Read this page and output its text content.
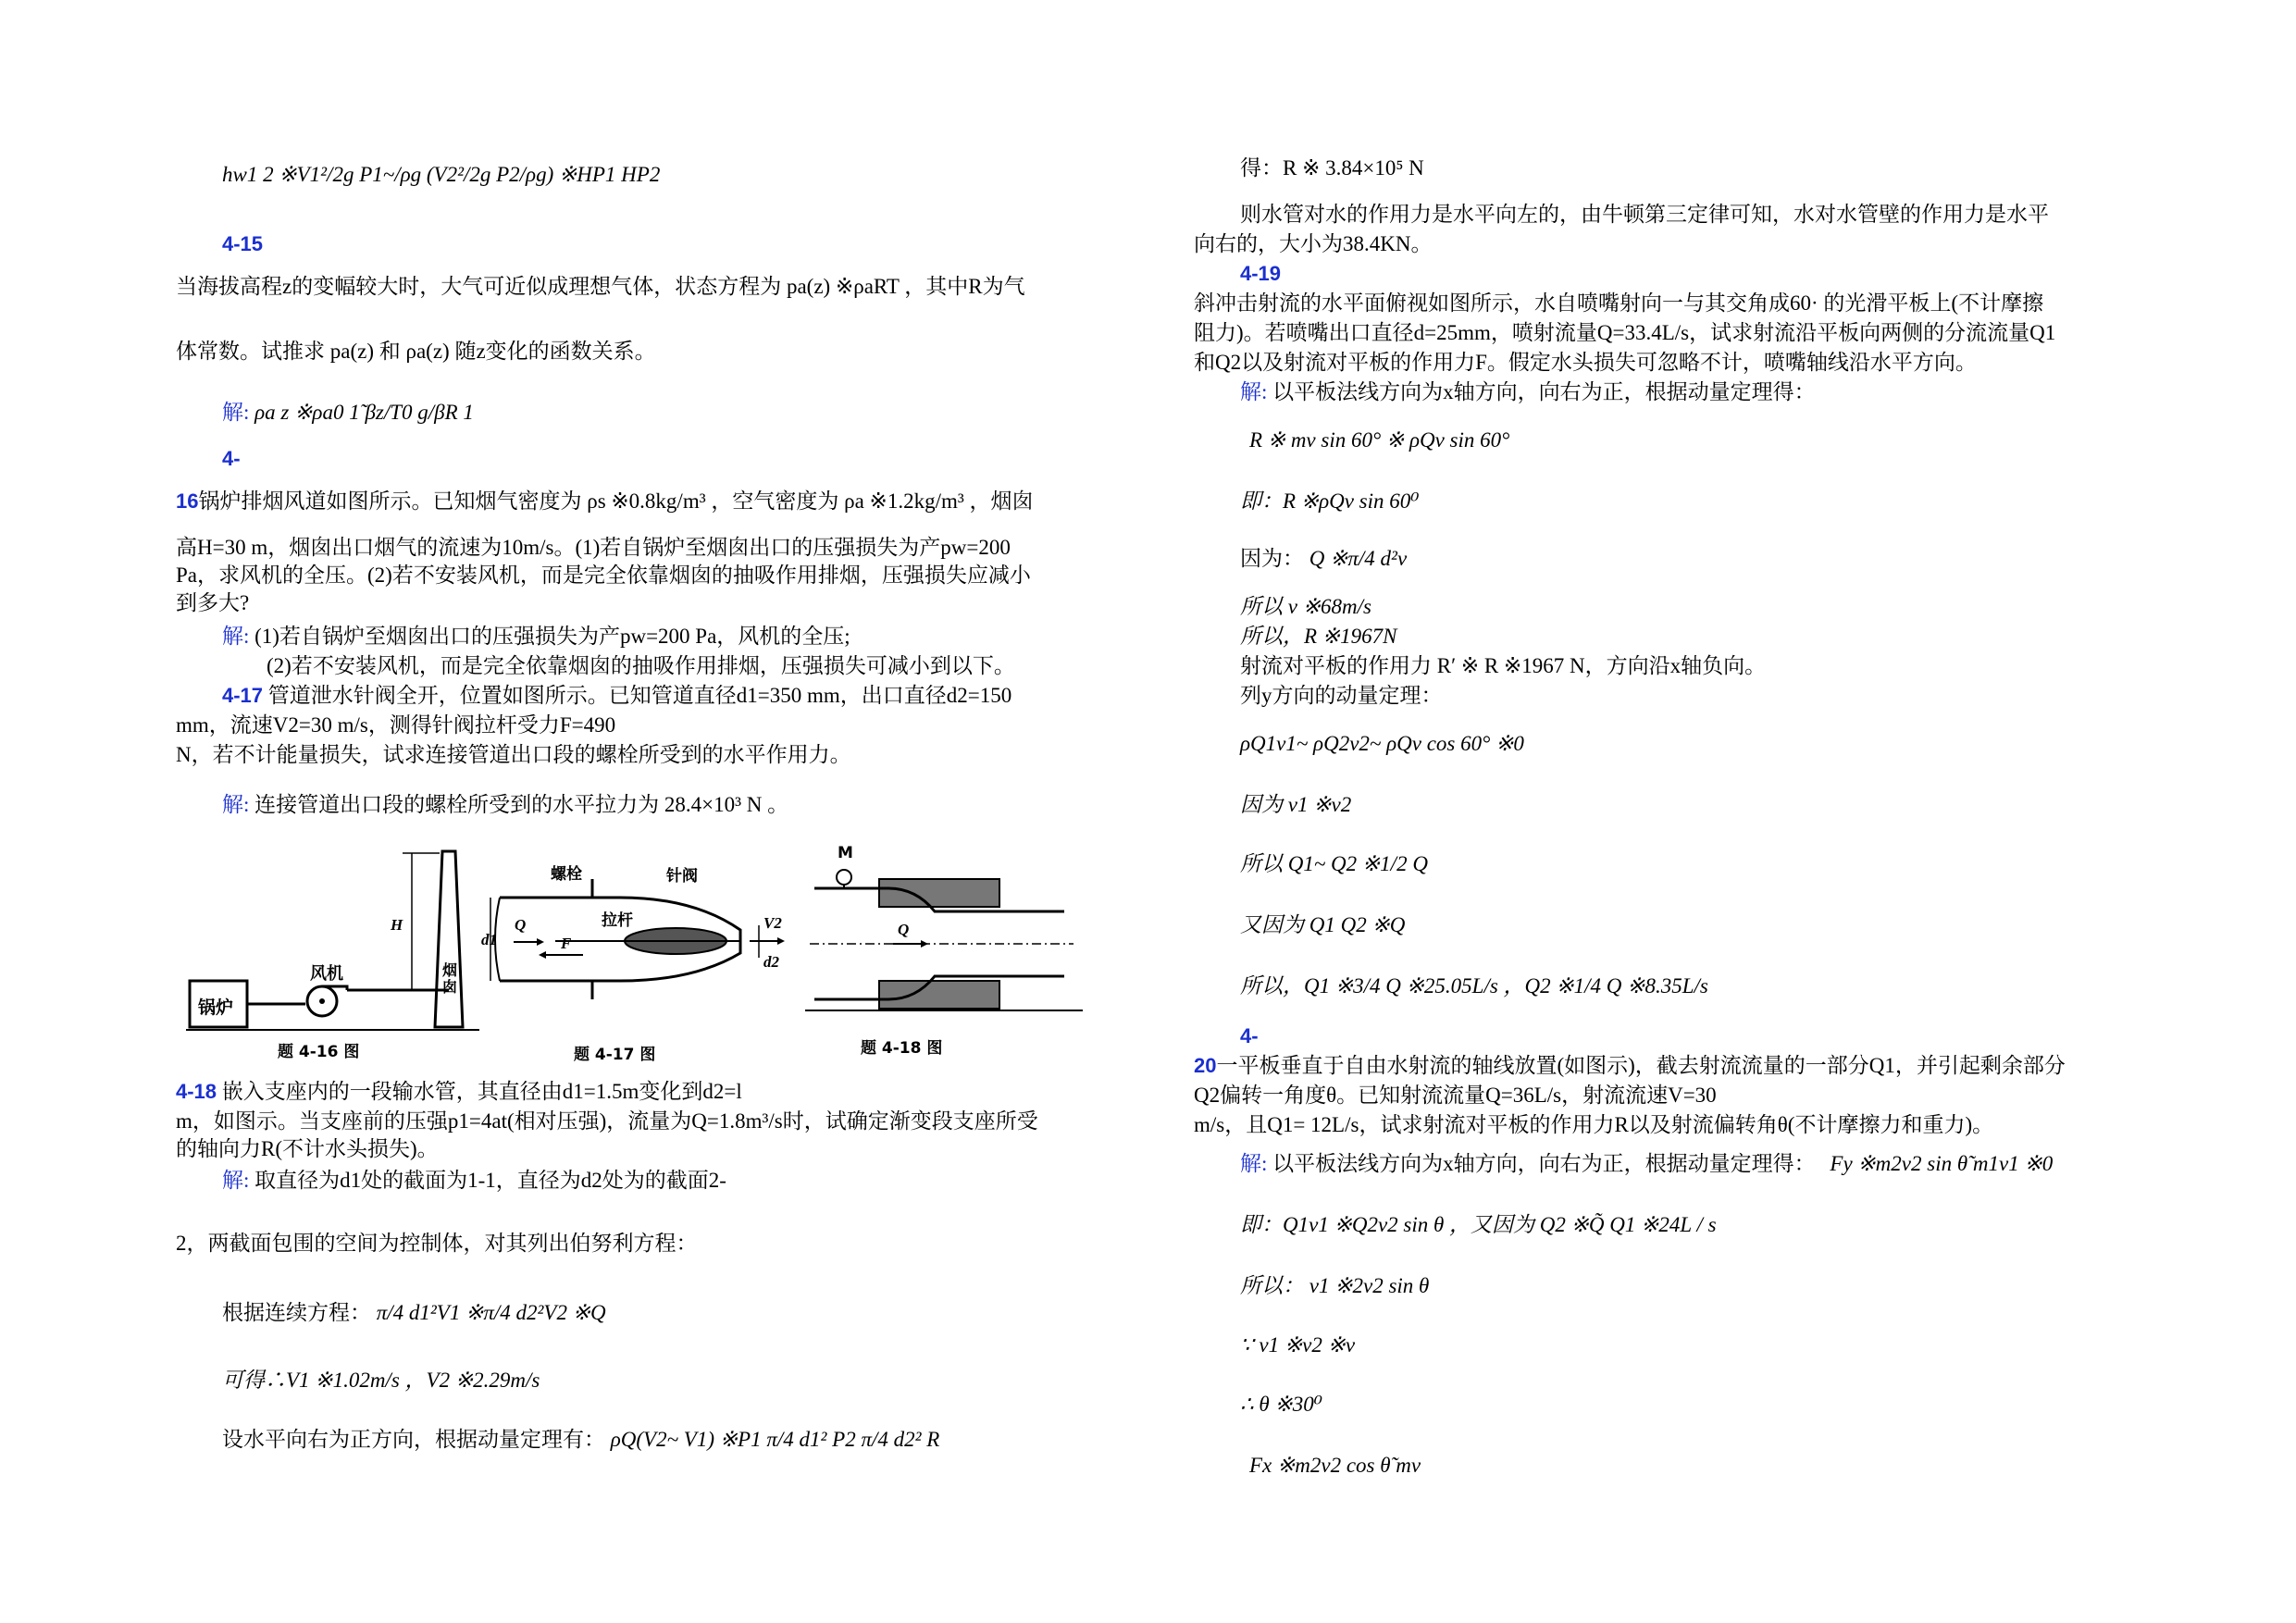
hw1 2 ※V1²/2g P1~/ρg (V2²/2g P2/ρg) ※HP1 HP2
4-15
当海拔高程z的变幅较大时，大气可近似成理想气体，状态方程为 pa(z) ※ρaRT ，其中R为气
体常数。试推求 pa(z) 和 ρa(z) 随z变化的函数关系。
解: ρa z ※ρa0 1̃ βz/T0 g/βR 1
4-
16锅炉排烟风道如图所示。已知烟气密度为 ρs ※0.8kg/m³ ，空气密度为 ρa ※1.2kg/m³ ，烟囱
高H=30 m，烟囱出口烟气的流速为10m/s。(1)若自锅炉至烟囱出口的压强损失为产pw=200
Pa，求风机的全压。(2)若不安装风机，而是完全依靠烟囱的抽吸作用排烟，压强损失应减小
到多大?
解: (1)若自锅炉至烟囱出口的压强损失为产pw=200 Pa，风机的全压;
(2)若不安装风机，而是完全依靠烟囱的抽吸作用排烟，压强损失可减小到以下。
4-17 管道泄水针阀全开，位置如图所示。已知管道直径d1=350 mm，出口直径d2=150
mm，流速V2=30 m/s，测得针阀拉杆受力F=490
N，若不计能量损失，试求连接管道出口段的螺栓所受到的水平作用力。
解: 连接管道出口段的螺栓所受到的水平拉力为 28.4×10³ N 。
锅炉
风机	烟囱
H
题 4-16 图
螺栓	针阀
拉杆
Q
F
d1
d2
V2
题 4-17 图
M
Q
题 4-18 图
4-18 嵌入支座内的一段输水管，其直径由d1=1.5m变化到d2=l
m，如图示。当支座前的压强p1=4at(相对压强)，流量为Q=1.8m³/s时，试确定渐变段支座所受
的轴向力R(不计水头损失)。
解: 取直径为d1处的截面为1-1，直径为d2处为的截面2-
2，两截面包围的空间为控制体，对其列出伯努利方程：
根据连续方程： π/4 d1²V1 ※π/4 d2²V2 ※Q
可得∴V1 ※1.02m/s ，V2 ※2.29m/s
设水平向右为正方向，根据动量定理有： ρQ(V2~ V1) ※P1 π/4 d1² P2 π/4 d2² R
得：R ※ 3.84×10⁵ N
则水管对水的作用力是水平向左的，由牛顿第三定律可知，水对水管壁的作用力是水平
向右的，大小为38.4KN。
4-19
斜冲击射流的水平面俯视如图所示，水自喷嘴射向一与其交角成60· 的光滑平板上(不计摩擦
阻力)。若喷嘴出口直径d=25mm，喷射流量Q=33.4L/s，试求射流沿平板向两侧的分流流量Q1
和Q2以及射流对平板的作用力F。假定水头损失可忽略不计，喷嘴轴线沿水平方向。
解: 以平板法线方向为x轴方向，向右为正，根据动量定理得：
R ※ mv sin 60° ※ ρQv sin 60°
即：R ※ρQv sin 60⁰
因为： Q ※π/4 d²v
所以 v ※68m/s
所以，R ※1967N
射流对平板的作用力 R′ ※ R ※1967 N，方向沿x轴负向。
列y方向的动量定理：
ρQ1v1~ ρQ2v2~ ρQv cos 60° ※0
因为 v1 ※v2
所以 Q1~ Q2 ※1/2 Q
又因为 Q1 Q2 ※Q
所以，Q1 ※3/4 Q ※25.05L/s ，Q2 ※1/4 Q ※8.35L/s
4-
20一平板垂直于自由水射流的轴线放置(如图示)，截去射流流量的一部分Q1，并引起剩余部分
Q2偏转一角度θ。已知射流流量Q=36L/s，射流流速V=30
m/s，且Q1= 12L/s，试求射流对平板的作用力R以及射流偏转角θ(不计摩擦力和重力)。
解: 以平板法线方向为x轴方向，向右为正，根据动量定理得： Fy ※m2v2 sin θ̃ m1v1 ※0
即：Q1v1 ※Q2v2 sin θ ，又因为 Q2 ※Q̃ Q1 ※24L / s
所以： v1 ※2v2 sin θ
∵ v1 ※v2 ※v
∴ θ ※30⁰
Fx ※m2v2 cos θ̃ mv
